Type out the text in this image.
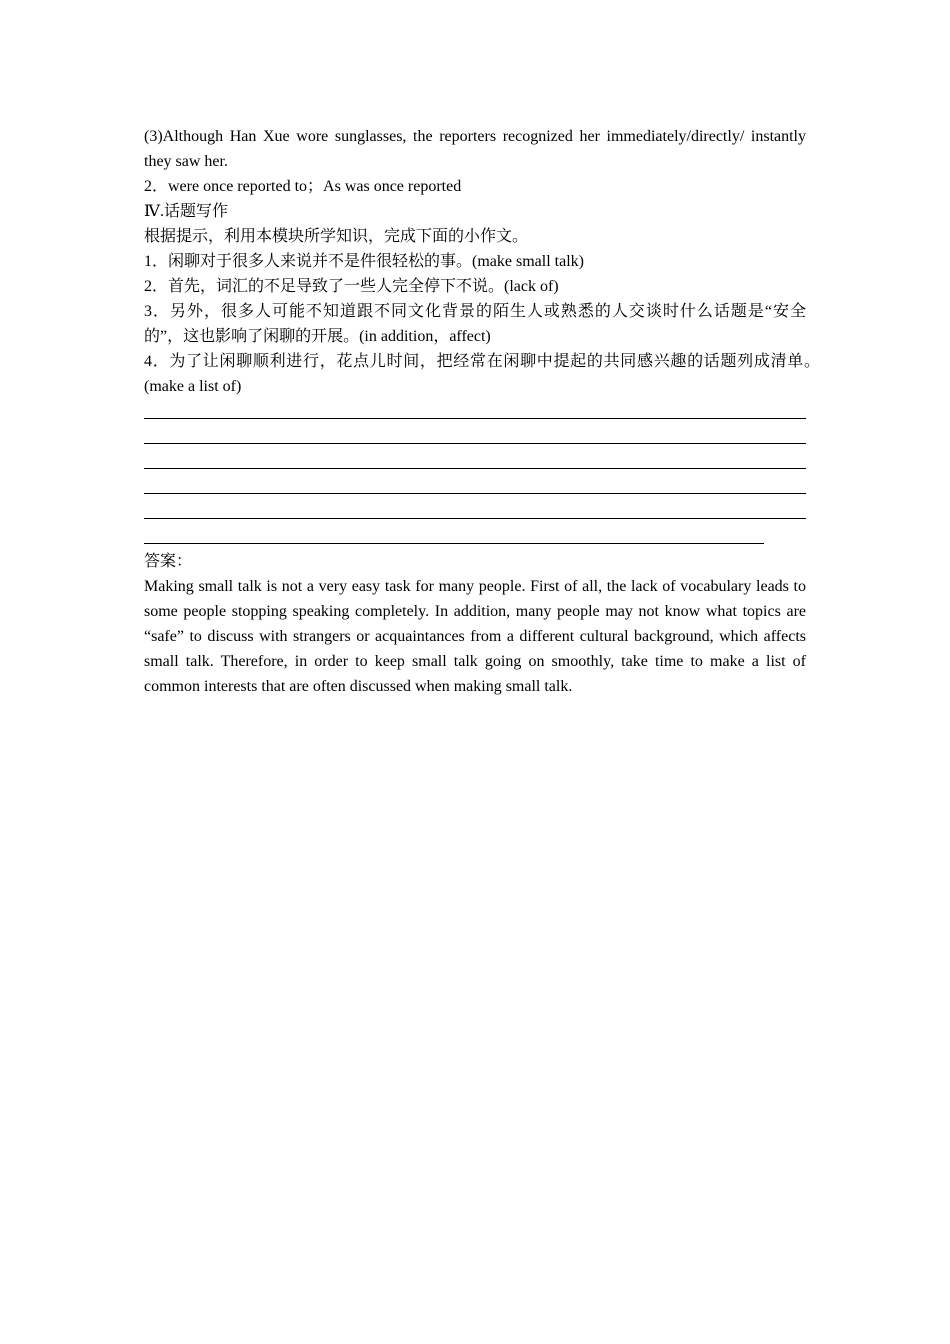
(3)Although Han Xue wore sunglasses, the reporters recognized her immediately/directly/ instantly they saw her.

2．were once reported to；As was once reported

Ⅳ.话题写作

根据提示，利用本模块所学知识，完成下面的小作文。

1．闲聊对于很多人来说并不是件很轻松的事。(make small talk)

2．首先，词汇的不足导致了一些人完全停下不说。(lack of)

3．另外，很多人可能不知道跟不同文化背景的陌生人或熟悉的人交谈时什么话题是“安全的”，这也影响了闲聊的开展。(in addition，affect)

4．为了让闲聊顺利进行，花点儿时间，把经常在闲聊中提起的共同感兴趣的话题列成清单。(make a list of)

答案：

Making small talk is not a very easy task for many people. First of all, the lack of vocabulary leads to some people stopping speaking completely. In addition, many people may not know what topics are “safe” to discuss with strangers or acquaintances from a different cultural background, which affects small talk. Therefore, in order to keep small talk going on smoothly, take time to make a list of common interests that are often discussed when making small talk.
